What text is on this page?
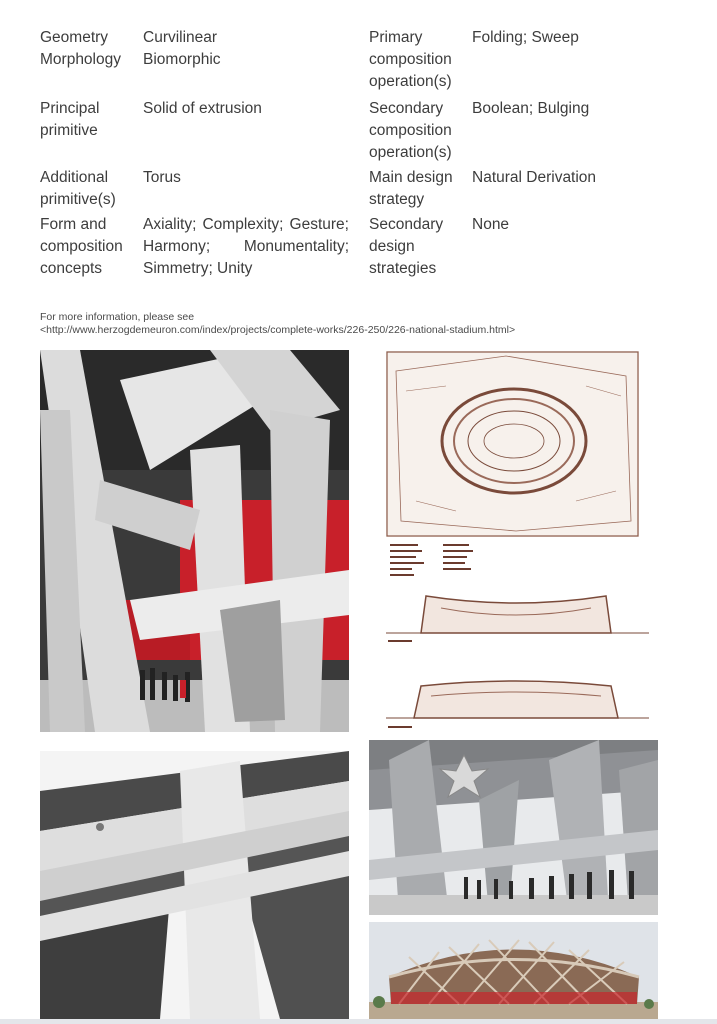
Geometry
Morphology
Curvilinear
Biomorphic
Principal
primitive
Solid of extrusion
Additional
primitive(s)
Torus
Form and
composition
concepts
Axiality; Complexity; Gesture;
Harmony; Monumentality;
Simmetry; Unity
Primary
composition
operation(s)
Folding; Sweep
Secondary
composition
operation(s)
Boolean; Bulging
Main design
strategy
Natural Derivation
Secondary
design
strategies
None
For more information, please see
<http://www.herzogdemeuron.com/index/projects/complete-works/226-250/226-national-stadium.html>
